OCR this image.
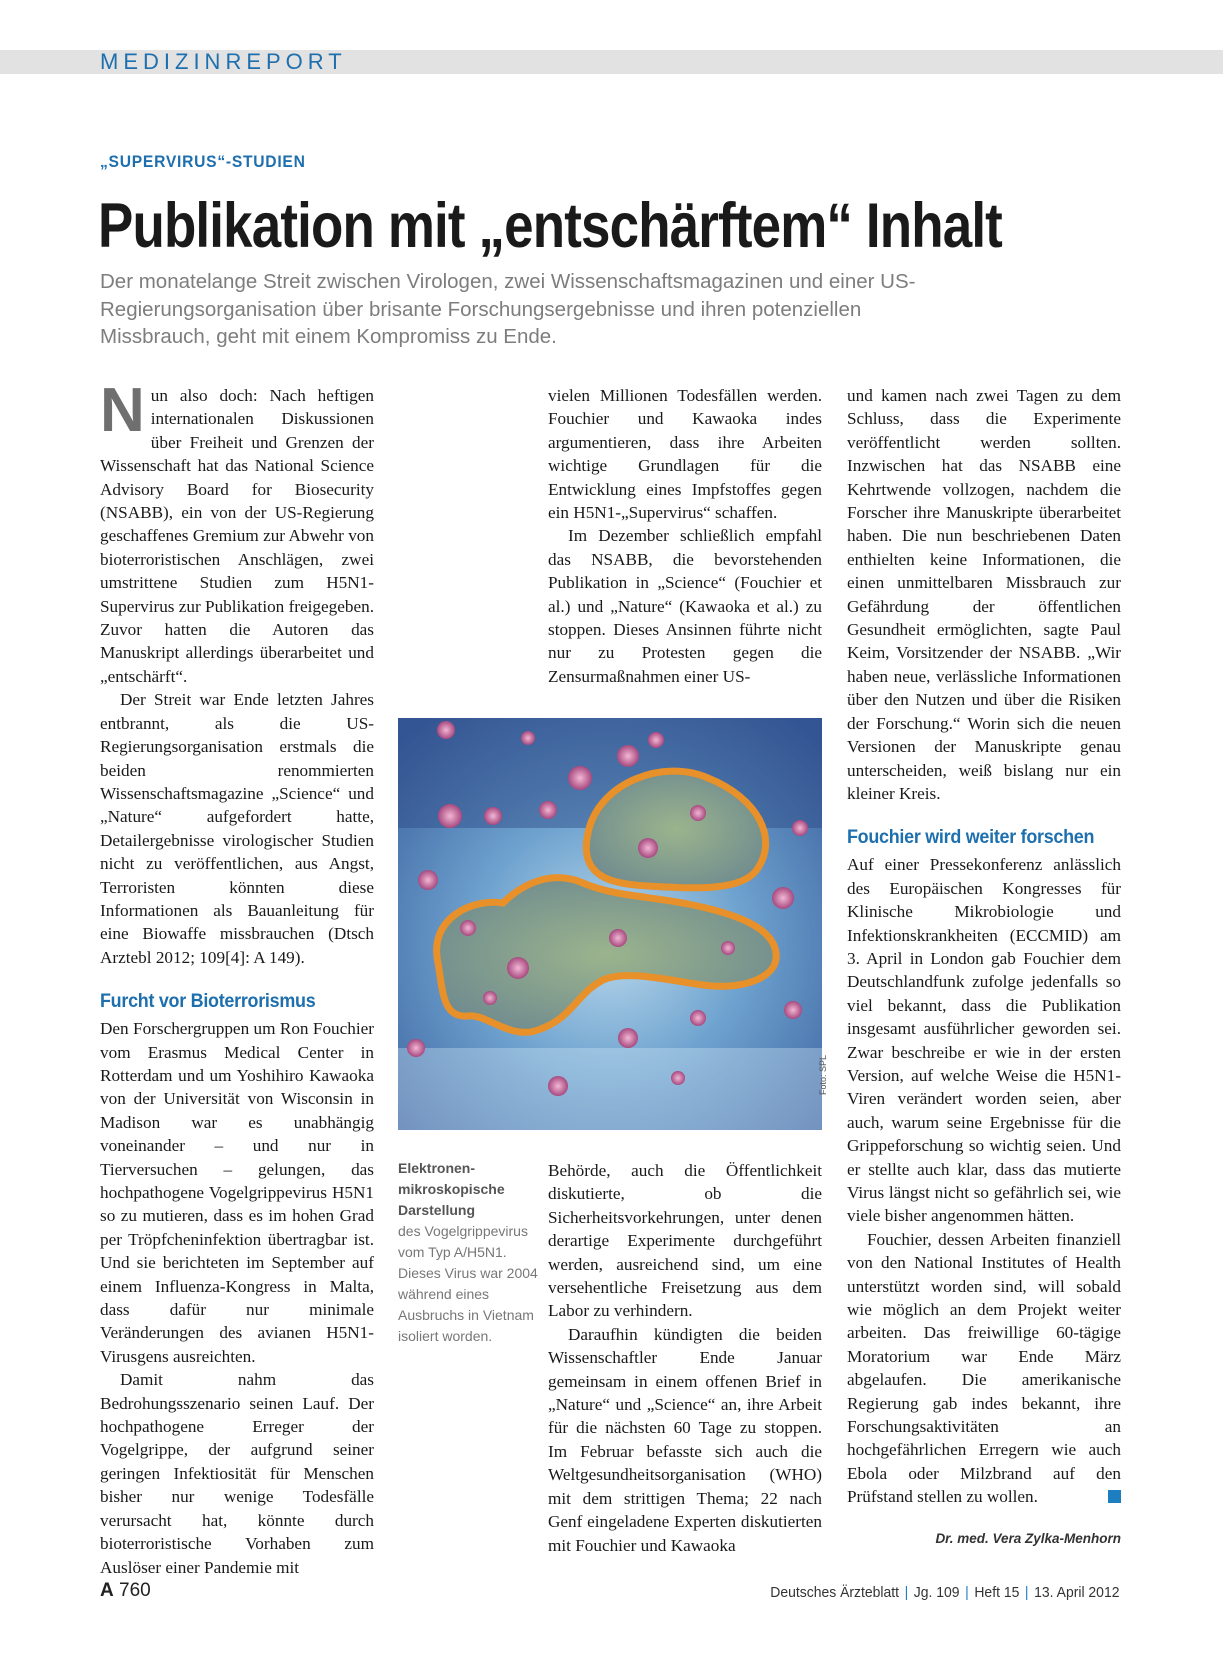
MEDIZINREPORT
„SUPERVIRUS“-STUDIEN
Publikation mit „entschärftem“ Inhalt
Der monatelange Streit zwischen Virologen, zwei Wissenschaftsmagazinen und einer US-Regierungsorganisation über brisante Forschungsergebnisse und ihren potenziellen Missbrauch, geht mit einem Kompromiss zu Ende.

Nun also doch: Nach heftigen internationalen Diskussionen über Freiheit und Grenzen der Wissenschaft hat das National Science Advisory Board for Biosecurity (NSABB), ein von der US-Regierung geschaffenes Gremium zur Abwehr von bioterroristischen Anschlägen, zwei umstrittene Studien zum H5N1-Supervirus zur Publikation freigegeben. Zuvor hatten die Autoren das Manuskript allerdings überarbeitet und „entschärft“.

Der Streit war Ende letzten Jahres entbrannt, als die US-Regierungsorganisation erstmals die beiden renommierten Wissenschaftsmagazine „Science“ und „Nature“ aufgefordert hatte, Detailergebnisse virologischer Studien nicht zu veröffentlichen, aus Angst, Terroristen könnten diese Informationen als Bauanleitung für eine Biowaffe missbrauchen (Dtsch Arztebl 2012; 109[4]: A 149).

Furcht vor Bioterrorismus

Den Forschergruppen um Ron Fouchier vom Erasmus Medical Center in Rotterdam und um Yoshihiro Kawaoka von der Universität von Wisconsin in Madison war es unabhängig voneinander – und nur in Tierversuchen – gelungen, das hochpathogene Vogelgrippevirus H5N1 so zu mutieren, dass es im hohen Grad per Tröpfcheninfektion übertragbar ist. Und sie berichteten im September auf einem Influenza-Kongress in Malta, dass dafür nur minimale Veränderungen des avianen H5N1-Virusgens ausreichten.

Damit nahm das Bedrohungsszenario seinen Lauf. Der hochpathogene Erreger der Vogelgrippe, der aufgrund seiner geringen Infektiosität für Menschen bisher nur wenige Todesfälle verursacht hat, könnte durch bioterroristische Vorhaben zum Auslöser einer Pandemie mit

vielen Millionen Todesfällen werden. Fouchier und Kawaoka indes argumentieren, dass ihre Arbeiten wichtige Grundlagen für die Entwicklung eines Impfstoffes gegen ein H5N1-„Supervirus“ schaffen.

Im Dezember schließlich empfahl das NSABB, die bevorstehenden Publikation in „Science“ (Fouchier et al.) und „Nature“ (Kawaoka et al.) zu stoppen. Dieses Ansinnen führte nicht nur zu Protesten gegen die Zensurmaßnahmen einer US-

Foto: SPL
Elektronen-
mikroskopische Darstellung
des Vogelgrippevirus vom Typ A/H5N1. Dieses Virus war 2004 während eines Ausbruchs in Vietnam isoliert worden.

Behörde, auch die Öffentlichkeit diskutierte, ob die Sicherheitsvorkehrungen, unter denen derartige Experimente durchgeführt werden, ausreichend sind, um eine versehentliche Freisetzung aus dem Labor zu verhindern.

Daraufhin kündigten die beiden Wissenschaftler Ende Januar gemeinsam in einem offenen Brief in „Nature“ und „Science“ an, ihre Arbeit für die nächsten 60 Tage zu stoppen. Im Februar befasste sich auch die Weltgesundheitsorganisation (WHO) mit dem strittigen Thema; 22 nach Genf eingeladene Experten diskutierten mit Fouchier und Kawaoka

und kamen nach zwei Tagen zu dem Schluss, dass die Experimente veröffentlicht werden sollten. Inzwischen hat das NSABB eine Kehrtwende vollzogen, nachdem die Forscher ihre Manuskripte überarbeitet haben. Die nun beschriebenen Daten enthielten keine Informationen, die einen unmittelbaren Missbrauch zur Gefährdung der öffentlichen Gesundheit ermöglichten, sagte Paul Keim, Vorsitzender der NSABB. „Wir haben neue, verlässliche Informationen über den Nutzen und über die Risiken der Forschung.“ Worin sich die neuen Versionen der Manuskripte genau unterscheiden, weiß bislang nur ein kleiner Kreis.

Fouchier wird weiter forschen

Auf einer Pressekonferenz anlässlich des Europäischen Kongresses für Klinische Mikrobiologie und Infektionskrankheiten (ECCMID) am 3. April in London gab Fouchier dem Deutschlandfunk zufolge jedenfalls so viel bekannt, dass die Publikation insgesamt ausführlicher geworden sei. Zwar beschreibe er wie in der ersten Version, auf welche Weise die H5N1-Viren verändert worden seien, aber auch, warum seine Ergebnisse für die Grippeforschung so wichtig seien. Und er stellte auch klar, dass das mutierte Virus längst nicht so gefährlich sei, wie viele bisher angenommen hätten.

Fouchier, dessen Arbeiten finanziell von den National Institutes of Health unterstützt worden sind, will sobald wie möglich an dem Projekt weiter arbeiten. Das freiwillige 60-tägige Moratorium war Ende März abgelaufen. Die amerikanische Regierung gab indes bekannt, ihre Forschungsaktivitäten an hochgefährlichen Erregern wie auch Ebola oder Milzbrand auf den Prüfstand stellen zu wollen.

Dr. med. Vera Zylka-Menhorn
A 760	Deutsches Ärzteblatt | Jg. 109 | Heft 15 | 13. April 2012
